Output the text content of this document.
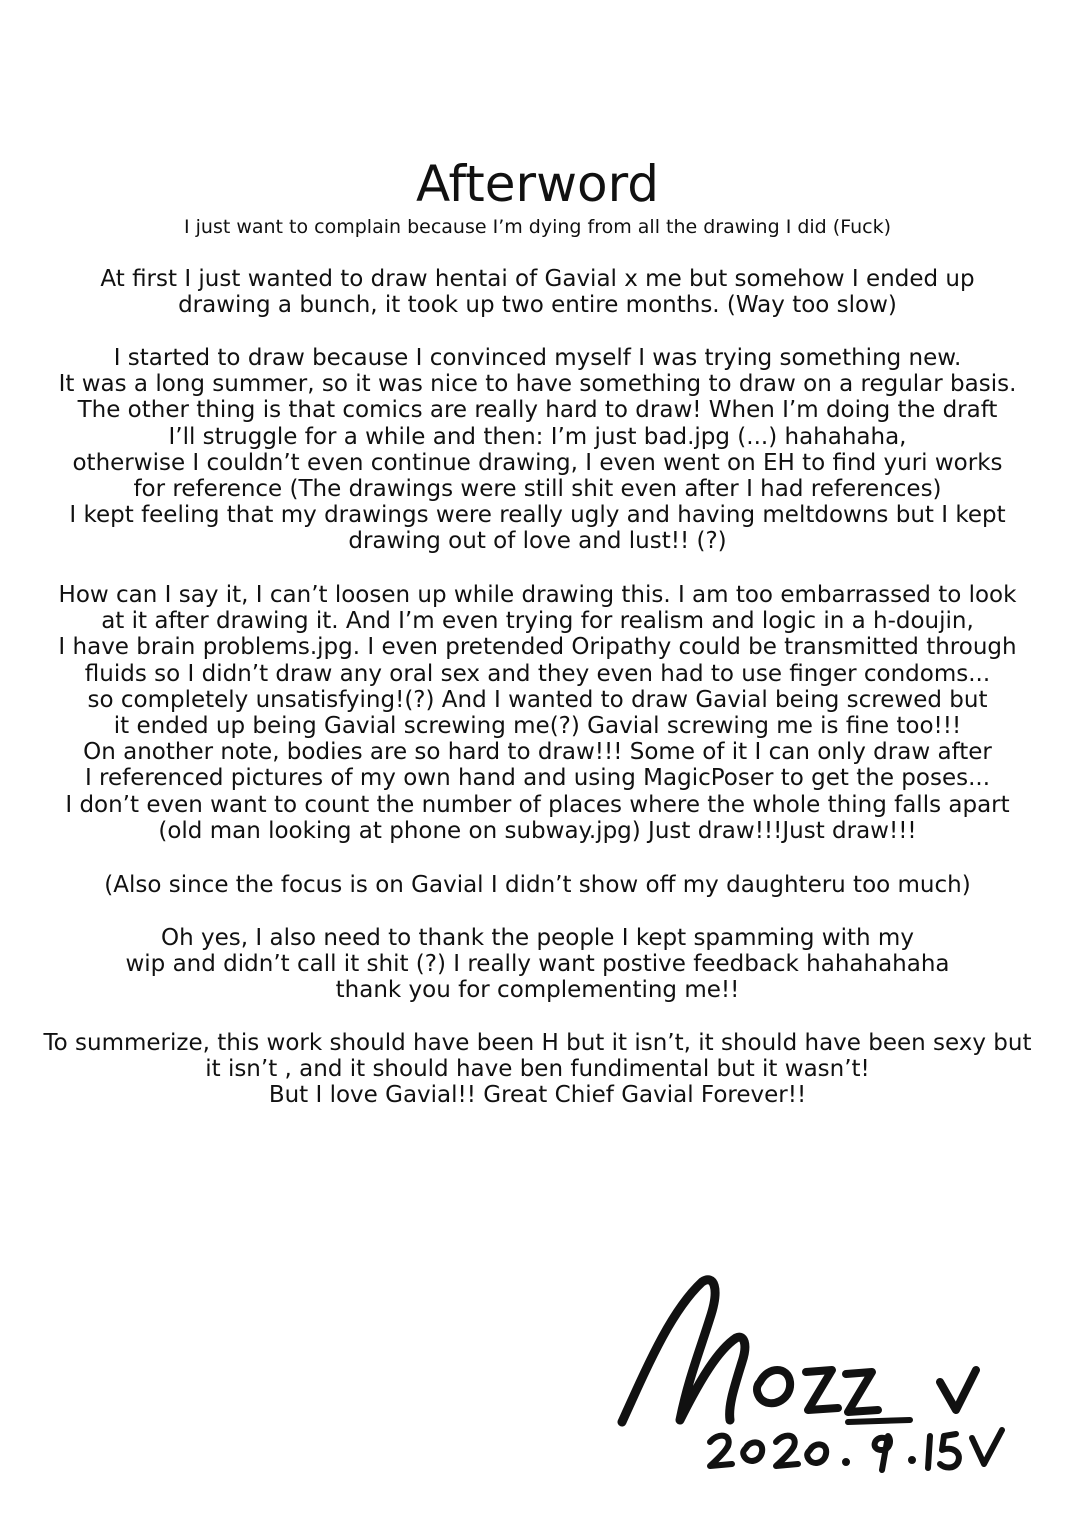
Afterword
I just want to complain because I’m dying from all the drawing I did (Fuck)

At first I just wanted to draw hentai of Gavial x me but somehow I ended up
drawing a bunch, it took up two entire months. (Way too slow)

I started to draw because I convinced myself I was trying something new.
It was a long summer, so it was nice to have something to draw on a regular basis.
The other thing is that comics are really hard to draw! When I’m doing the draft
I’ll struggle for a while and then: I’m just bad.jpg (...) hahahaha,
otherwise I couldn’t even continue drawing, I even went on EH to find yuri works
for reference (The drawings were still shit even after I had references)
I kept feeling that my drawings were really ugly and having meltdowns but I kept
drawing out of love and lust!! (?)

How can I say it, I can’t loosen up while drawing this. I am too embarrassed to look
at it after drawing it. And I’m even trying for realism and logic in a h-doujin,
I have brain problems.jpg. I even pretended Oripathy could be transmitted through
fluids so I didn’t draw any oral sex and they even had to use finger condoms...
so completely unsatisfying!(?) And I wanted to draw Gavial being screwed but
it ended up being Gavial screwing me(?) Gavial screwing me is fine too!!!
On another note, bodies are so hard to draw!!! Some of it I can only draw after
I referenced pictures of my own hand and using MagicPoser to get the poses...
I don’t even want to count the number of places where the whole thing falls apart
(old man looking at phone on subway.jpg) Just draw!!!Just draw!!!

(Also since the focus is on Gavial I didn’t show off my daughteru too much)

Oh yes, I also need to thank the people I kept spamming with my
wip and didn’t call it shit (?) I really want postive feedback hahahahaha
thank you for complementing me!!

To summerize, this work should have been H but it isn’t, it should have been sexy but
it isn’t , and it should have ben fundimental but it wasn’t!
But I love Gavial!! Great Chief Gavial Forever!!
